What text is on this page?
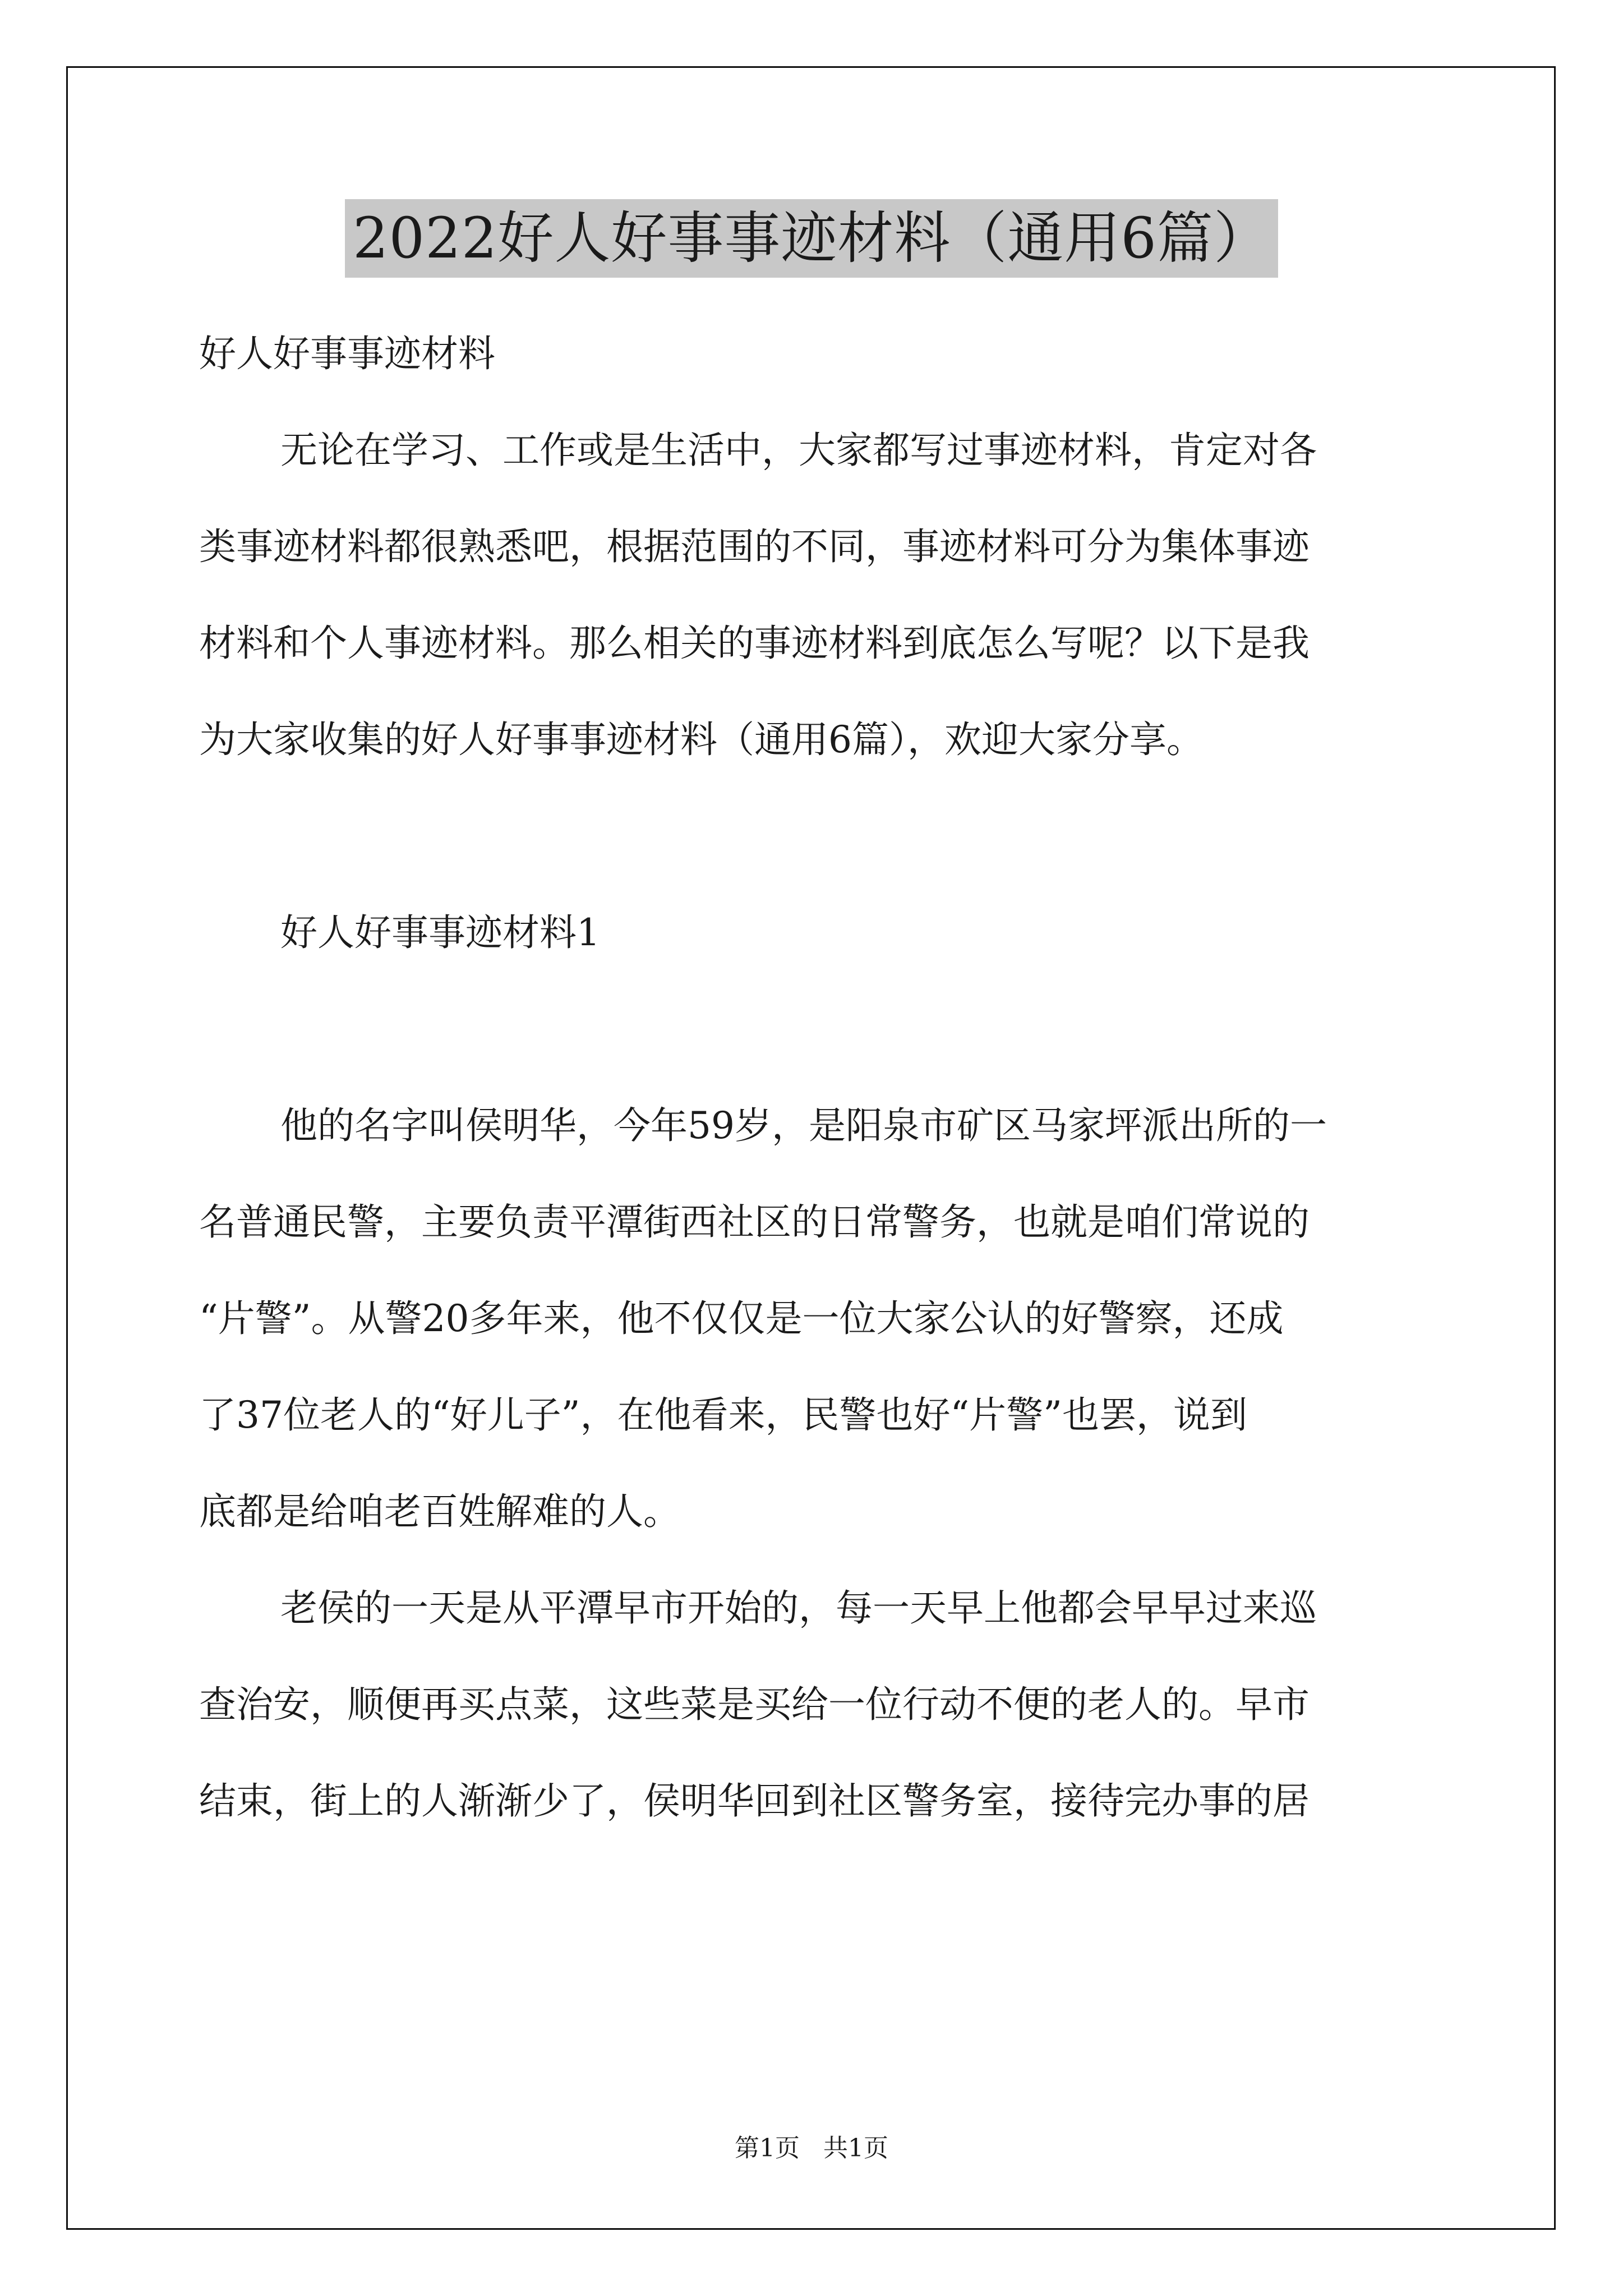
2022好人好事事迹材料（通用6篇）
好人好事事迹材料
无论在学习、工作或是生活中，大家都写过事迹材料，肯定对各
类事迹材料都很熟悉吧，根据范围的不同，事迹材料可分为集体事迹
材料和个人事迹材料。那么相关的事迹材料到底怎么写呢？以下是我
为大家收集的好人好事事迹材料（通用6篇），欢迎大家分享。
好人好事事迹材料1
他的名字叫侯明华，今年59岁，是阳泉市矿区马家坪派出所的一
名普通民警，主要负责平潭街西社区的日常警务，也就是咱们常说的
“片警”。从警20多年来，他不仅仅是一位大家公认的好警察，还成
了37位老人的“好儿子”，在他看来，民警也好“片警”也罢，说到
底都是给咱老百姓解难的人。
老侯的一天是从平潭早市开始的，每一天早上他都会早早过来巡
查治安，顺便再买点菜，这些菜是买给一位行动不便的老人的。早市
结束，街上的人渐渐少了，侯明华回到社区警务室，接待完办事的居
第1页   共1页
